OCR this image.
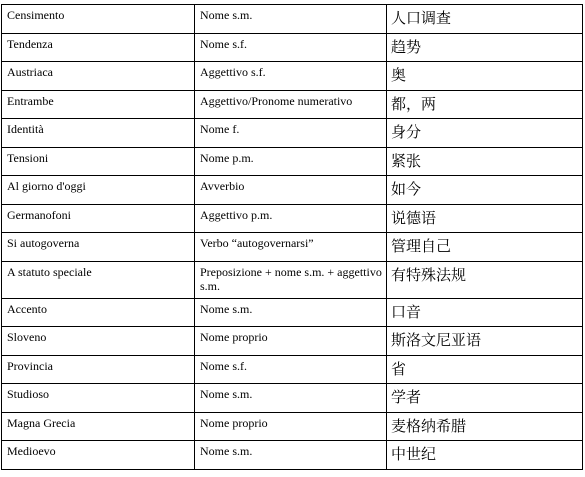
Censimento	Nome s.m.	人口调查
Tendenza	Nome s.f.	趋势
Austriaca	Aggettivo s.f.	奥
Entrambe	Aggettivo/Pronome numerativo	都，两
Identità	Nome f.	身分
Tensioni	Nome p.m.	紧张
Al giorno d'oggi	Avverbio	如今
Germanofoni	Aggettivo p.m.	说德语
Si autogoverna	Verbo “autogovernarsi”	管理自己
A statuto speciale	Preposizione + nome s.m. + aggettivo s.m.	有特殊法规
Accento	Nome s.m.	口音
Sloveno	Nome proprio	斯洛文尼亚语
Provincia	Nome s.f.	省
Studioso	Nome s.m.	学者
Magna Grecia	Nome proprio	麦格纳希腊
Medioevo	Nome s.m.	中世纪
